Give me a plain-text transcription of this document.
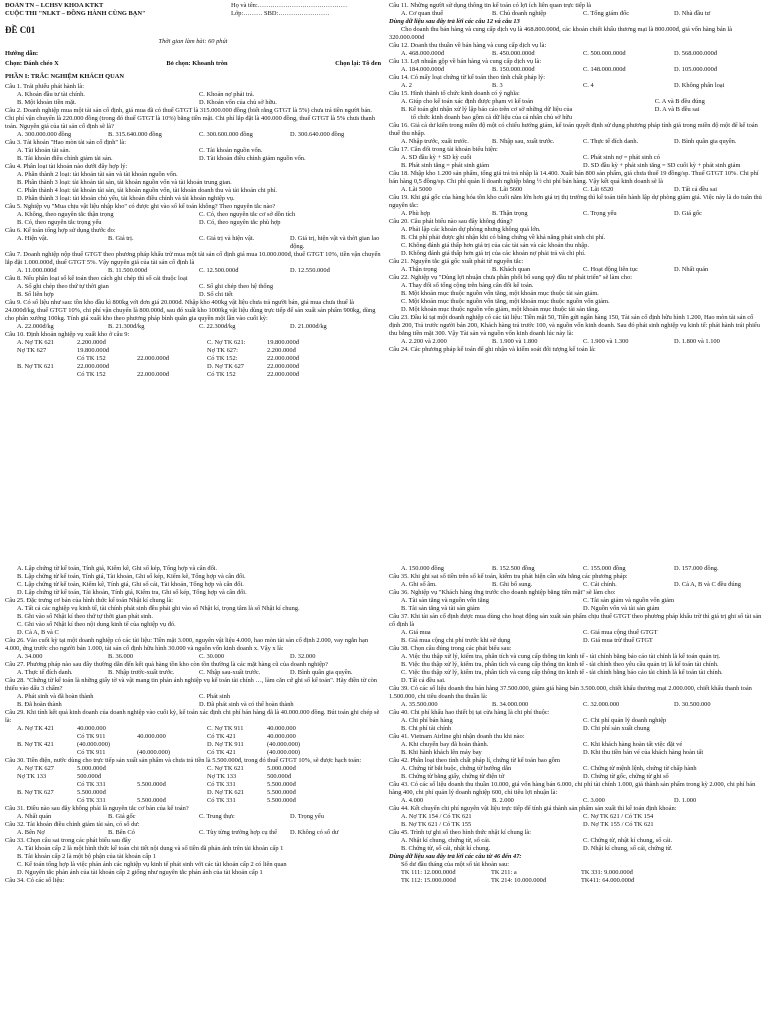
ĐOÀN TN – LCHSV KHOA KTKT
CUỘC THI "NLKT – ĐỒNG HÀNH CÙNG BẠN"
Họ và tên:……………………………………
Lớp:……… SBD:……………………
ĐỀ C01
Thời gian làm bài: 60 phút
Hướng dẫn:
Chọn: Đánh chéo X	Bỏ chọn: Khoanh tròn	Chọn lại: Tô đen
PHẦN I: TRẮC NGHIỆM KHÁCH QUAN
Câu 1. Trái phiếu phát hành là:
A. Khoản đầu tư tài chính.	C. Khoản nợ phải trả.
B. Một khoản tiền mặt.	D. Khoản vốn của chủ sở hữu.
Câu 2. Doanh nghiệp mua một tài sản cố định, giá mua đã có thuế GTGT là 315.000.000 đồng (biết rằng GTGT là 5%) chưa trả tiền người bán. Chi phí vận chuyển là 220.000 đồng (trong đó thuế GTGT là 10%) bằng tiền mặt. Chi phí lắp đặt là 400.000 đồng, thuế GTGT là 5% chưa thanh toán. Nguyên giá của tài sản cố định sẽ là?
A. 300.000.000 đồng	B. 315.640.000 đồng	C. 300.600.000 đồng	D. 300.640.000 đồng
Câu 3. Tài khoản "Hao mòn tài sản cố định" là:
A. Tài khoản tài sản.	C. Tài khoản nguồn vốn.
B. Tài khoản điều chỉnh giảm tài sản.	D. Tài khoản điều chỉnh giảm nguồn vốn.
Câu 4. Phân loại tài khoản nào dưới đây hợp lý:
A. Phân thành 2 loại: tài khoản tài sản và tài khoản nguồn vốn.
B. Phân thành 3 loại: tài khoản tài sản, tài khoản nguồn vốn và tài khoản trung gian.
C. Phân thành 4 loại: tài khoản tài sản, tài khoản nguồn vốn, tài khoản doanh thu và tài khoản chi phí.
D. Phân thành 3 loại: tài khoản chủ yếu, tài khoản điều chỉnh và tài khoản nghiệp vụ.
Câu 5. Nghiệp vụ "Mua chịu vật liệu nhập kho" có được ghi vào sổ kế toán không? Theo nguyên tắc nào?
A. Không, theo nguyên tắc thận trọng	C. Có, theo nguyên tắc cơ sở dồn tích
B. Có, theo nguyên tắc trọng yếu	D. Có, theo nguyên tắc phù hợp
Câu 6. Kế toán tổng hợp sử dụng thước đo:
A. Hiện vật.	B. Giá trị.	C. Giá trị và hiện vật.	D. Giá trị, hiện vật và thời gian lao động.
Câu 7. Doanh nghiệp nộp thuế GTGT theo phương pháp khấu trừ mua một tài sản cố định giá mua 10.000.000đ, thuế GTGT 10%, tiền vận chuyển lắp đặt 1.000.000đ, thuế GTGT 5%. Vậy nguyên giá của tài sản cố định là
A. 11.000.000đ	B. 11.500.000đ	C. 12.500.000đ	D. 12.550.000đ
Câu 8. Nếu phân loại sổ kế toán theo cách ghi chép thì số cái thuộc loại
A. Sổ ghi chép theo thứ tự thời gian	C. Sổ ghi chép theo hệ thống
B. Sổ liên hợp	D. Sổ chi tiết
Câu 9. Có số liệu như sau: tồn kho đầu kì 800kg với đơn giá 20.000đ. Nhập kho 400kg vật liệu chưa trả người bán, giá mua chưa thuế là 24.000đ/kg, thuế GTGT 10%, chi phí vận chuyển là 800.000đ, sau đó xuất kho 1000kg vật liệu dùng trực tiếp để sản xuất sản phẩm 900kg, dùng cho phân xưởng 100kg. Tính giá xuất kho theo phương pháp bình quân gia quyền một lần vào cuối kỳ:
A. 22.000đ/kg	B. 21.300đ/kg	C. 22.300đ/kg	D. 21.000đ/kg
Câu 10. Định khoản nghiệp vụ xuất kho ở câu 9:
A. Nợ TK 621	2.200.000đ	C. Nợ TK 621:	19.800.000đ
Nợ TK 627	19.800.000đ	Nợ TK 627:	2.200.000đ
Có TK 152	22.000.000đ	Có TK 152:	22.000.000đ
B. Nợ TK 621	22.000.000đ	D. Nợ TK 627	22.000.000đ
Có TK 152	22.000.000đ	Có TK 152	22.000.000đ
Câu 11. Những người sử dụng thông tin kế toán có lợi ích liên quan trực tiếp là
A. Cơ quan thuế	B. Chủ doanh nghiệp	C. Tổng giám đốc	D. Nhà đầu tư
Dùng dữ liệu sau đây trả lời các câu 12 và câu 13
Cho doanh thu bán hàng và cung cấp dịch vụ là 468.800.000đ, các khoản chiết khấu thương mại là 800.000đ, giá vốn hàng bán là 320.000.000đ
Câu 12. Doanh thu thuần về bán hàng và cung cấp dịch vụ là:
A. 468.000.000đ	B. 450.000.000đ	C. 500.000.000đ	D. 568.000.000đ
Câu 13. Lợi nhuận gộp về bán hàng và cung cấp dịch vụ là:
A. 184.000.000đ	B. 150.000.000đ	C. 148.000.000đ	D. 105.000.000đ
Câu 14. Có mấy loại chứng từ kế toán theo tình chất pháp lý:
A. 2	B. 3	C. 4	D. Không phân loại
Câu 15. Hình thành tổ chức kinh doanh có ý nghĩa:
A. Giúp cho kế toán xác định được phạm vi kế toán	C. A và B đều đúng
B. Kế toán ghi nhận xử lý lập báo cáo trên cơ sở những dữ liệu của	D. A và B đều sai
tổ chức kinh doanh bao gồm cả dữ liệu của cá nhân chủ sở hữu
Câu 16. Giả cả dư kiến trong miền độ một có chiếu hướng giảm, kế toán quyết định sử dụng phương pháp tính giá trong miền độ một để kế toán thuế thu nhập.
A. Nhập trước, xuất trước.	B. Nhập sau, xuất trước.	C. Thực tế đích danh.	D. Bình quân gia quyền.
Câu 17. Cân đối trong tài khoản biểu hiện:
A. SD đầu kỳ + SD kỳ cuối	C. Phát sinh nợ = phát sinh có
B. Phát sinh tăng = phát sinh giảm	D. SD đầu kỳ + phát sinh tăng = SD cuối kỳ + phát sinh giảm
Câu 18. Nhập kho 1.200 sản phẩm, tổng giá trả trả nhập là 14.400. Xuất bán 800 sản phẩm, giá chưa thuế 19 đồng/sp. Thuế GTGT 10%. Chi phí bán hàng 0,5 đồng/sp. Chi phí quản lí doanh nghiệp bằng ½ chi phí bán hàng. Vậy kết quả kinh doanh sẽ là
A. Lãi 5000	B. Lãi 5600	C. Lãi 6520	D. Tất cả đều sai
Câu 19. Khi giá gốc của hàng hóa tồn kho cuối năm lớn hơn giá trị thị trường thì kế toán tiến hành lập dự phòng giảm giá. Việc này là do tuân thủ nguyên tắc:
A. Phù hợp	B. Thận trọng	C. Trọng yếu	D. Giá gốc
Câu 20. Câu phát biểu nào sau đây không đúng?
A. Phải lập các khoản dự phòng nhưng không quá lớn.
B. Chi phí phải được ghi nhận khi có bằng chứng về khả năng phát sinh chi phí.
C. Không đánh giá thấp hơn giá trị của các tài sản và các khoản thu nhập.
D. Không đánh giá thấp hơn giá trị của các khoản nợ phải trả và chi phí.
Câu 21. Nguyên tắc giá gốc xuất phát từ nguyên tắc:
A. Thận trọng	B. Khách quan	C. Hoạt động liên tục	D. Nhất quán
Câu 22. Nghiệp vụ "Dùng lợi nhuận chưa phân phối bổ sung quỹ đầu tư phát triển" sẽ làm cho:
A. Thay đổi số tổng cộng trên bảng cân đối kế toán.
B. Một khoản mục thuộc nguồn vốn tăng, một khoản mục thuộc tài sản giảm.
C. Một khoản mục thuộc nguồn vốn tăng, một khoản mục thuộc nguồn vốn giảm.
D. Một khoản mục thuộc nguồn vốn giảm, một khoản mục thuộc tài sản tăng.
Câu 23. Đầu kì tại một doanh nghiệp có các tài liệu: Tiền mặt 50, Tiền gửi ngân hàng 150, Tài sản cố định hữu hình 1.200, Hao mòn tài sản cố định 200, Trả trước người bán 200, Khách hàng trả trước 100, và nguồn vốn kinh doanh. Sau đó phát sinh nghiệp vụ kinh tế: phát hành trái phiếu thu bằng tiền mặt 300. Vậy Tài sản và nguồn vốn kinh doanh lúc này là:
A. 2.200 và 2.000	B. 1.900 và 1.800	C. 1.900 và 1.300	D. 1.800 và 1.100
Câu 24. Các phương pháp kế toán để ghi nhận và kiểm soát đối tượng kế toán là:
A. Lập chứng từ kế toán, Tính giá, Kiểm kê, Ghi sổ kép, Tổng hợp và cân đối.
B. Lập chứng từ kế toán, Tính giá, Tài khoản, Ghi sổ kép, Kiểm kê, Tổng hợp và cân đối.
C. Lập chứng từ kế toán, Kiểm kê, Tính giá, Ghi sổ cái, Tài khoản, Tổng hợp và cân đối.
D. Lập chứng từ kế toán, Tài khoản, Tính giá, Kiểm tra, Ghi sổ kép, Tổng hợp và cân đối.
Câu 25. Đặc trưng cơ bản của hình thức kế toán Nhật kí chung là:
A. Tất cả các nghiệp vụ kinh tế, tài chính phát sinh đều phải ghi vào số Nhật kí, trọng tâm là số Nhật kí chung.
B. Ghi vào số Nhật kí theo thứ tự thời gian phát sinh.
C. Ghi vào số Nhật kí theo nội dung kinh tế của nghiệp vụ đó.
D. Cả A, B và C
Câu 26. Vào cuối kỳ tại một doanh nghiệp có các tài liệu: Tiền mặt 3.000, nguyên vật liệu 4.000, hao mòn tài sản cố định 2.000, vay ngắn hạn 4.000, ứng trước cho người bán 1.000, tài sản cố định hữu hình 30.000 và nguồn vốn kinh doanh x. Vậy x là:
A. 34.000	B. 36.000	C. 30.000	D. 32.000
Câu 27. Phương pháp nào sau đây thường dẫn đến kết quả hàng tồn kho còn tồn thường là các mặt hàng cũ của doanh nghiệp?
A. Thực tế đích danh.	B. Nhập trước-xuất trước.	C. Nhập sau-xuất trước.	D. Bình quân gia quyền.
Câu 28. "Chứng từ kế toán là những giấy tờ và vật mang tin phản ánh nghiệp vụ kế toán tài chính …, làm căn cứ ghi sổ kế toán". Hãy điền từ còn thiếu vào dấu 3 chấm?
A. Phát sinh và đã hoàn thành	C. Phát sinh
B. Đã hoàn thành	D. Đã phát sinh và có thể hoàn thành
Câu 29. Khi tính kết quả kinh doanh của doanh nghiệp vào cuối kỳ, kế toán xác định chi phí bán hàng đã là 40.000.000 đồng. Bút toán ghi chép sẽ là:
A. Nợ TK 421	40.000.000	C. Nợ TK 911	40.000.000
Có TK 911	40.000.000	Có TK 421	40.000.000
B. Nợ TK 421	(40.000.000)	D. Nợ TK 911	(40.000.000)
Có TK 911	(40.000.000)	Có TK 421	(40.000.000)
Câu 30. Tiền điện, nước dùng cho trực tiếp sản xuất sản phẩm và chưa trả tiền là 5.500.000đ, trong đó thuế GTGT 10%, sẽ được hạch toán:
A. Nợ TK 627	5.000.000đ	C. Nợ TK 621	5.000.000đ
Nợ TK 133	500.000đ	Nợ TK 133	500.000đ
Có TK 331	5.500.000đ	Có TK 331	5.500.000đ
B. Nợ TK 627	5.500.000đ	D. Nợ TK 621	5.500.000đ
Có TK 331	5.500.000đ	Có TK 331	5.500.000đ
Câu 31. Điều nào sau đây không phải là nguyên tắc cơ bản của kế toán?
A. Nhất quán	B. Giá gốc	C. Trung thực	D. Trọng yếu
Câu 32. Tài khoản điều chỉnh giảm tài sản, có số dư:
A. Bên Nợ	B. Bên Có	C. Tùy từng trường hợp cụ thể	D. Không có số dư
Câu 33. Chọn câu sai trong các phát biểu sau đây
A. Tài khoản cấp 2 là một hình thức kế toán chi tiết nội dung và số tiền đã phản ánh trên tài khoản cấp 1
B. Tài khoản cấp 2 là một bộ phận của tài khoản cấp 1
C. Kế toán tổng hợp là việc phản ánh các nghiệp vụ kinh tế phát sinh với các tài khoản cấp 2 có liên quan
D. Nguyên tắc phản ánh của tài khoản cấp 2 giống như nguyên tắc phản ánh của tài khoản cấp 1
Câu 34. Có các số liệu:
A. 150.000 đồng	B. 152.500 đồng	C. 155.000 đồng	D. 157.000 đồng.
Câu 35. Khi ghi sai số tiền trên sổ kế toán, kiểm tra phát hiện cần sửa bằng các phương pháp:
A. Ghi số âm.	B. Ghi bổ sung.	C. Cải chính.	D. Cả A, B và C đều đúng
Câu 36. Nghiệp vụ "Khách hàng ứng trước cho doanh nghiệp bằng tiền mặt" sẽ làm cho:
A. Tài sản tăng và nguồn vốn tăng	C. Tài sản giảm và nguồn vốn giảm
B. Tài sản tăng và tài sản giảm	D. Nguồn vốn và tài sản giảm
Câu 37. Khi tài sản cố định được mua dùng cho hoạt động sản xuất sản phẩm chịu thuế GTGT theo phương pháp khấu trừ thì giá trị ghi sổ tài sản cố định là
A. Giá mua	C. Giá mua cộng thuế GTGT
B. Giá mua cộng chi phí trước khi sử dụng	D. Giá mua trừ thuế GTGT
Câu 38. Chọn câu đúng trong các phát biểu sau:
A. Việc thu thập xử lý, kiểm tra, phân tích và cung cấp thông tin kinh tế - tài chính bằng báo cáo tài chính là kế toán quản trị.
B. Việc thu thập xử lý, kiểm tra, phân tích và cung cấp thông tin kinh tế - tài chính theo yêu cầu quản trị là kế toán tài chính.
C. Việc thu thập xử lý, kiểm tra, phân tích và cung cấp thông tin kinh tế - tài chính bằng báo cáo tài chính là kế toán tài chính.
D. Tất cả đều sai.
Câu 39. Có các số liệu doanh thu bán hàng 37.500.000, giảm giá hàng bán 3.500.000, chiết khấu thương mại 2.000.000, chiết khấu thanh toán 1.500.000, chi tiêu doanh thu thuần là:
A. 35.500.000	B. 34.000.000	C. 32.000.000	D. 30.500.000
Câu 40. Chi phí khấu hao thiết bị tại cửa hàng là chi phí thuộc:
A. Chi phí bán hàng	C. Chi phí quản lý doanh nghiệp
B. Chi phí tài chính	D. Chi phí sản xuất chung
Câu 41. Vietnam Airline ghi nhận doanh thu khi nào:
A. Khi chuyến bay đã hoàn thành.	C. Khi khách hàng hoàn tất việc đặt vé
B. Khi hành khách lên máy bay	D. Khi thu tiền bán vé của khách hàng hoàn tất
Câu 42. Phân loại theo tính chất pháp lí, chứng từ kế toán bao gồm
A. Chứng từ bắt buộc, chứng từ hướng dẫn	C. Chứng từ mệnh lệnh, chứng từ chấp hành
B. Chứng từ bằng giấy, chứng từ điện tử	D. Chứng từ gốc, chứng từ ghi sổ
Câu 43. Có các số liệu doanh thu thuần 10.000, giá vốn hàng bán 6.000, chi phí tài chính 1.000, giá thành sản phẩm trong kỳ 2.000, chi phí bán hàng 400, chi phí quản lý doanh nghiệp 600, chỉ tiêu lợi nhuận là:
A. 4.000	B. 2.000	C. 3.000	D. 1.000
Câu 44. Kết chuyển chi phí nguyên vật liệu trực tiếp để tính giá thành sản phẩm sản xuất thì kế toán định khoản:
A. Nợ TK 154 / Có TK 621	C. Nợ TK 621 / Có TK 154
B. Nợ TK 621 / Có TK 155	D. Nợ TK 155 / Có TK 621
Câu 45. Trình tự ghi sổ theo hình thức nhật kí chung là:
A. Nhật kí chung, chứng từ, sổ cái.	C. Chứng từ, nhật kí chung, sổ cái.
B. Chứng từ, sổ cái, nhật kí chung.	D. Nhật kí chung, sổ cái, chứng từ.
Dùng dữ liệu sau đây trả lời các câu từ 46 đến 47:
Số dư đầu tháng của một số tài khoản sau:
TK 111: 12.000.000đ	TK 211: a	TK 331: 9.000.000đ
TK 112: 15.000.000đ	TK 214: 10.000.000đ	TK411: 64.000.000đ
